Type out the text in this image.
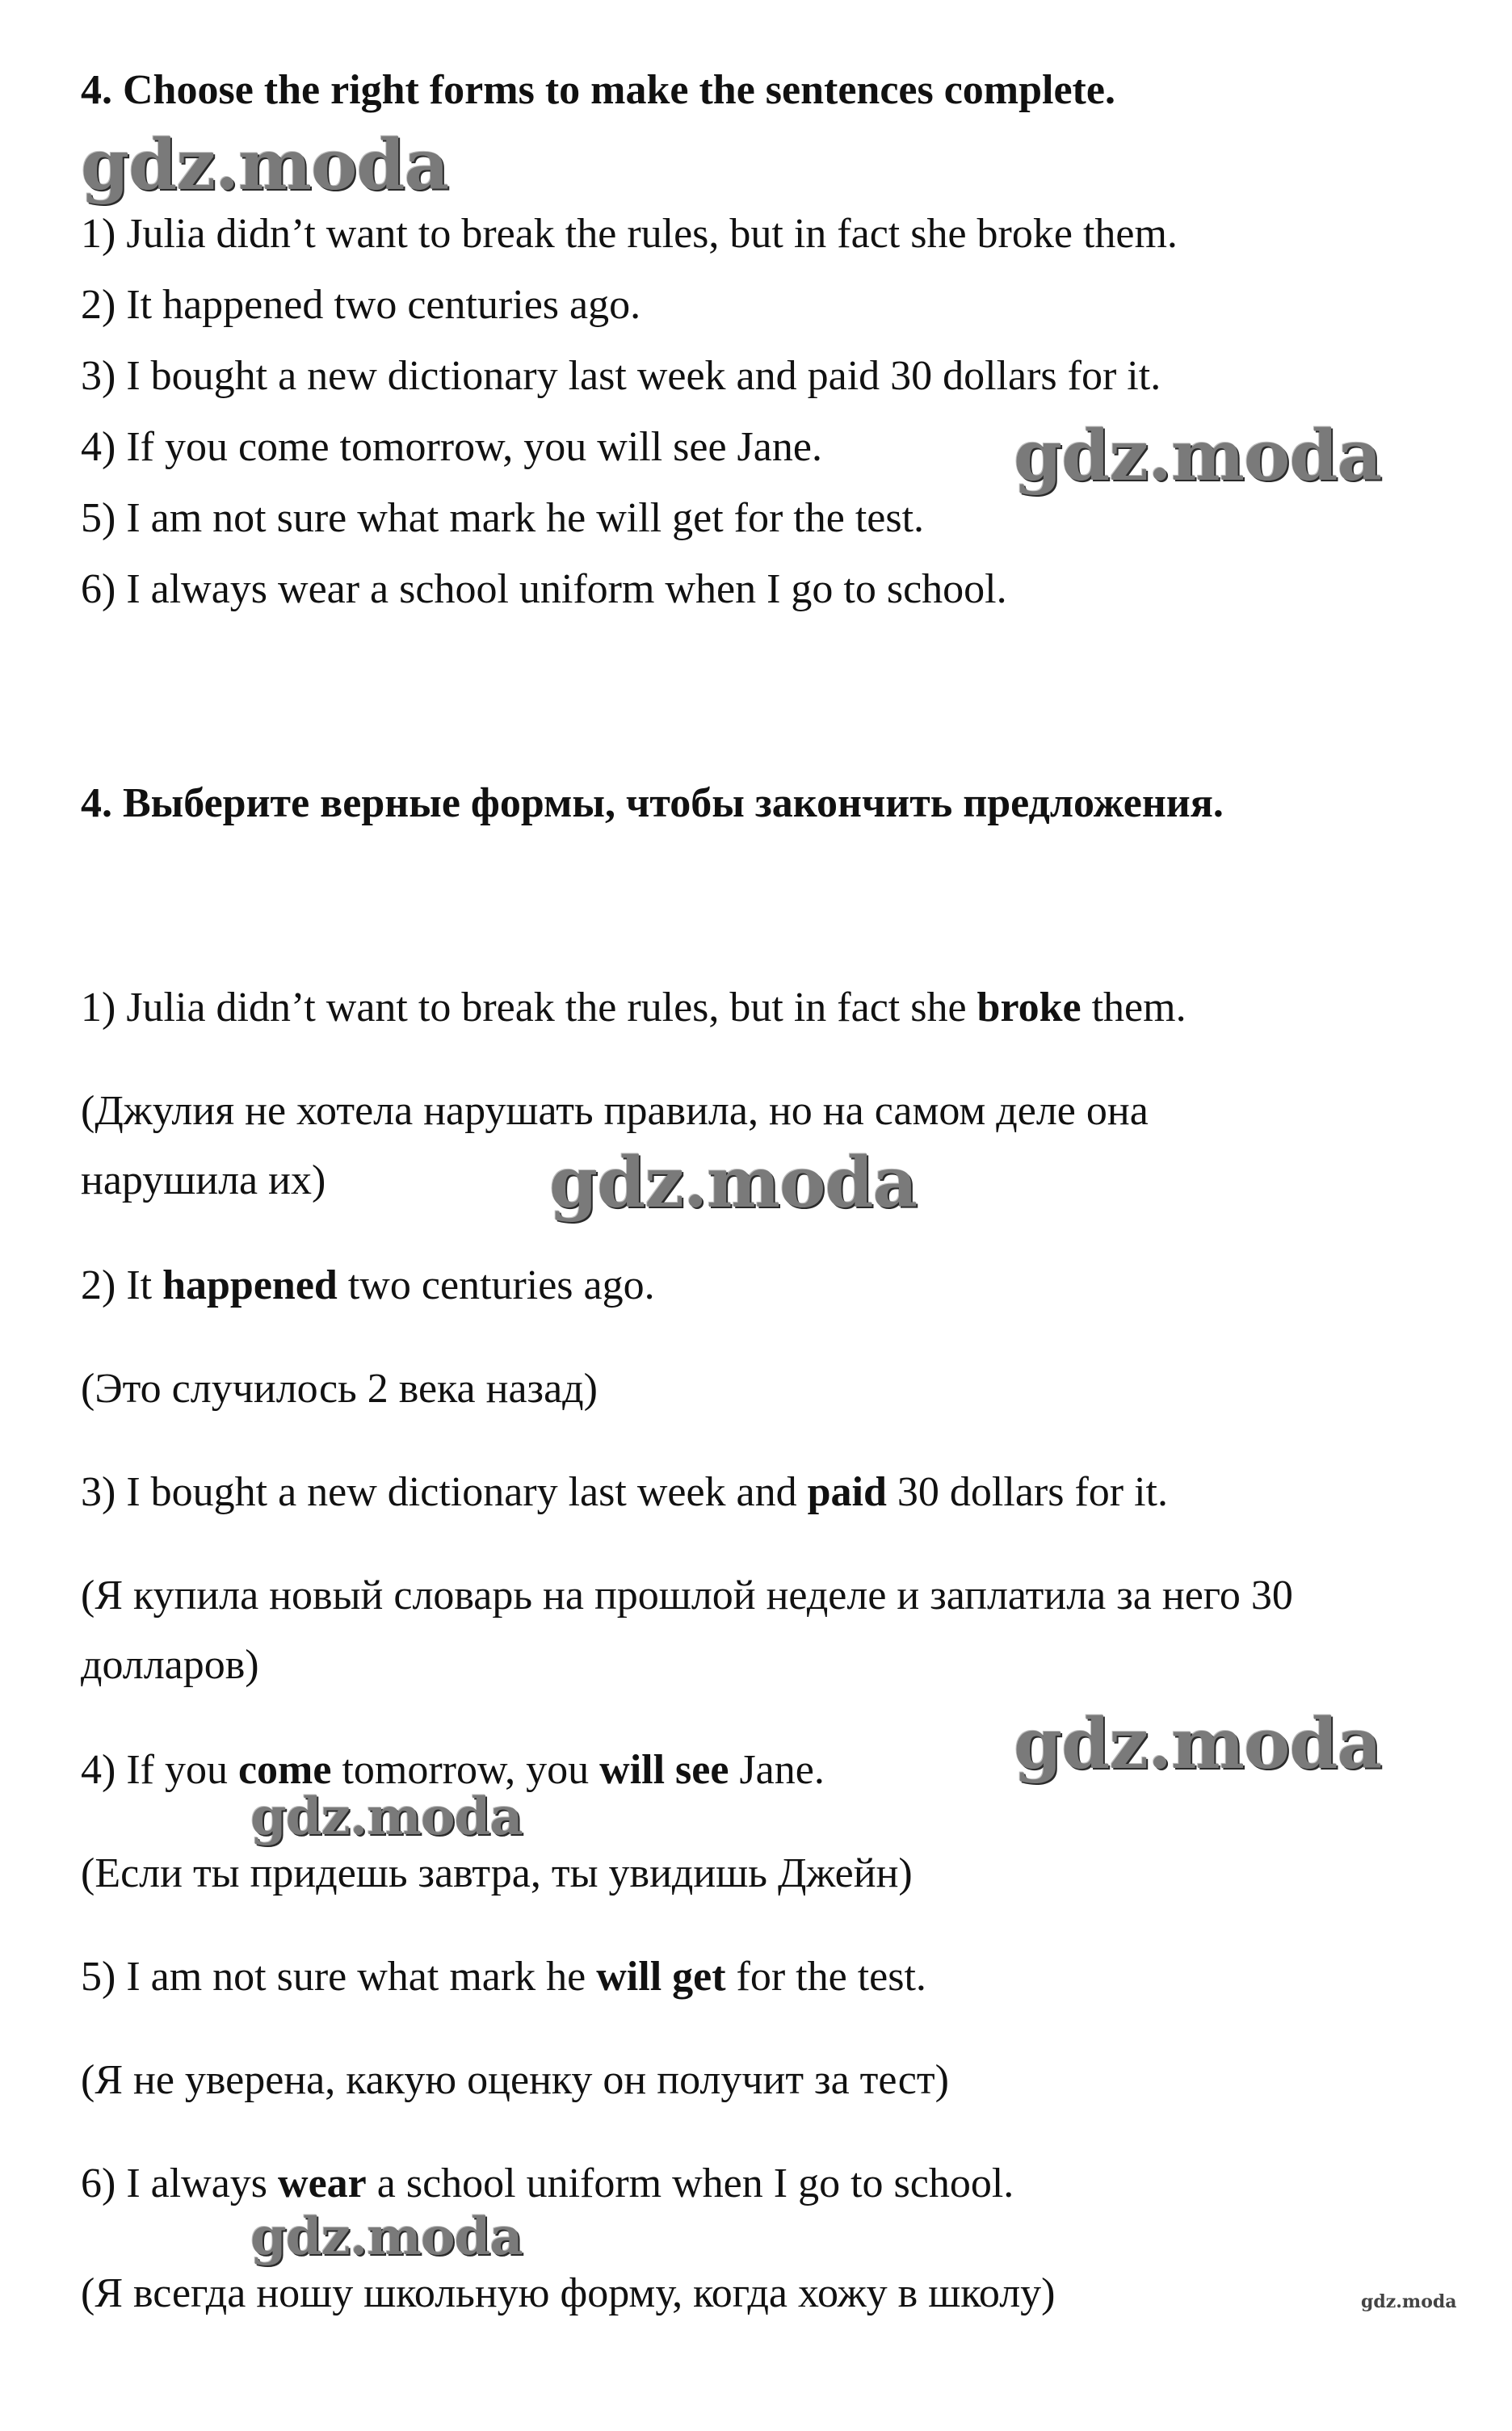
gdz.moda
gdz.moda
gdz.moda
gdz.moda
gdz.moda
gdz.moda
gdz.moda
4. Choose the right forms to make the sentences complete.
1) Julia didn’t want to break the rules, but in fact she broke them.
2) It happened two centuries ago.
3) I bought a new dictionary last week and paid 30 dollars for it.
4) If you come tomorrow, you will see Jane.
5) I am not sure what mark he will get for the test.
6) I always wear a school uniform when I go to school.
4. Выберите верные формы, чтобы закончить предложения.
1) Julia didn’t want to break the rules, but in fact she broke them.
(Джулия не хотела нарушать правила, но на самом деле она
нарушила их)
2) It happened two centuries ago.
(Это случилось 2 века назад)
3) I bought a new dictionary last week and paid 30 dollars for it.
(Я купила новый словарь на прошлой неделе и заплатила за него 30
долларов)
4) If you come tomorrow, you will see Jane.
(Если ты придешь завтра, ты увидишь Джейн)
5) I am not sure what mark he will get for the test.
(Я не уверена, какую оценку он получит за тест)
6) I always wear a school uniform when I go to school.
(Я всегда ношу школьную форму, когда хожу в школу)
